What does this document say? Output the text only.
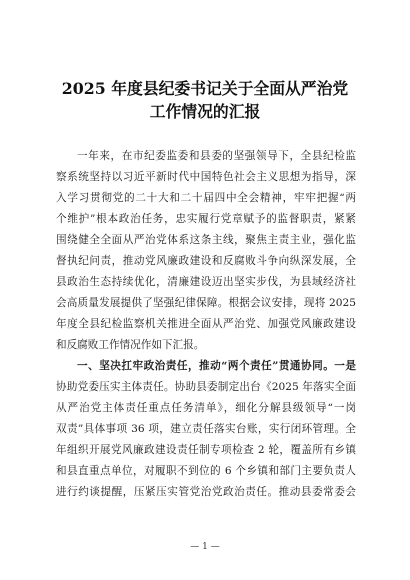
2025 年度县纪委书记关于全面从严治党
工作情况的汇报
一年来，在市纪委监委和县委的坚强领导下，全县纪检监
察系统坚持以习近平新时代中国特色社会主义思想为指导，深
入学习贯彻党的二十大和二十届四中全会精神，牢牢把握“两
个维护”根本政治任务，忠实履行党章赋予的监督职责，紧紧
围绕健全全面从严治党体系这条主线，聚焦主责主业，强化监
督执纪问责，推动党风廉政建设和反腐败斗争向纵深发展，全
县政治生态持续优化，清廉建设迈出坚实步伐，为县域经济社
会高质量发展提供了坚强纪律保障。根据会议安排，现将 2025
年度全县纪检监察机关推进全面从严治党、加强党风廉政建设
和反腐败工作情况作如下汇报。
一、坚决扛牢政治责任，推动“两个责任”贯通协同。一是
协助党委压实主体责任。协助县委制定出台《2025 年落实全面
从严治党主体责任重点任务清单》，细化分解县级领导“一岗
双责”具体事项 36 项，建立责任落实台账，实行闭环管理。全
年组织开展党风廉政建设责任制专项检查 2 轮，覆盖所有乡镇
和县直重点单位，对履职不到位的 6 个乡镇和部门主要负责人
进行约谈提醒，压紧压实管党治党政治责任。推动县委常委会
— 1 —
